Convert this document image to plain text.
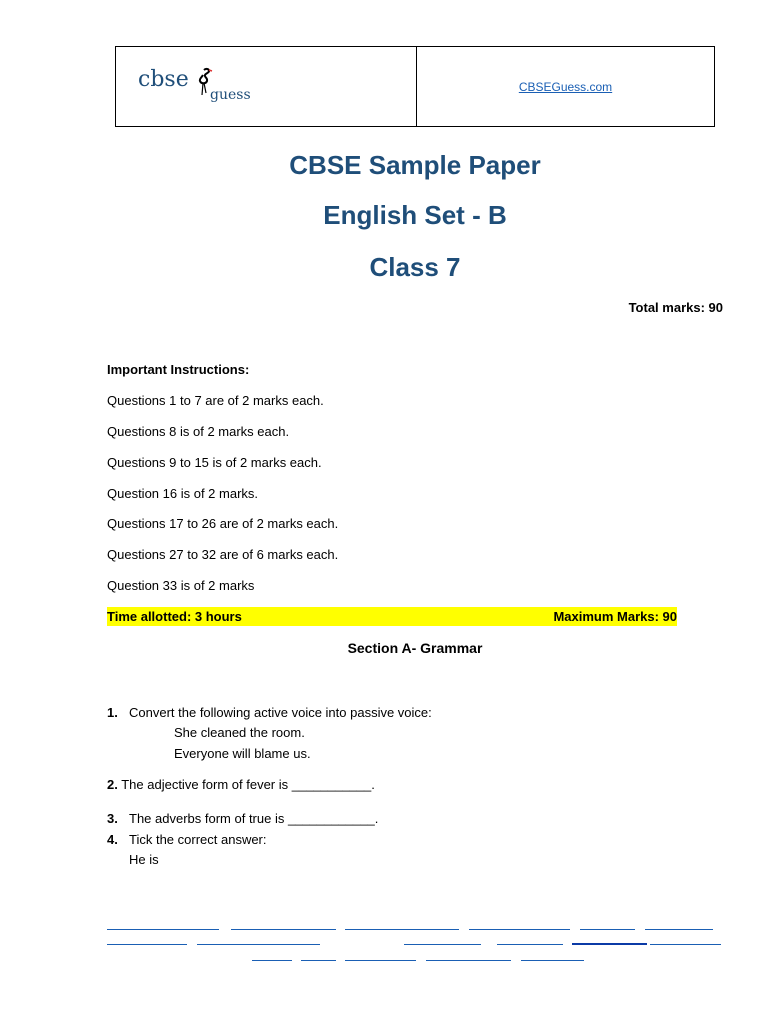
cbse
guess
CBSEGuess.com
CBSE Sample Paper
English Set - B
Class 7
Total marks: 90
Important Instructions:
Questions 1 to 7 are of 2 marks each.
Questions 8 is of 2 marks each.
Questions 9 to 15 is of 2 marks each.
Question 16 is of 2 marks.
Questions 17 to 26 are of 2 marks each.
Questions 27 to 32 are of 6 marks each.
Question 33 is of 2 marks
Time allotted: 3 hours	Maximum Marks: 90
Section A- Grammar
1. Convert the following active voice into passive voice:
She cleaned the room.
Everyone will blame us.
2. The adjective form of fever is ___________.
3. The adverbs form of true is ____________.
4. Tick the correct answer:
He is
